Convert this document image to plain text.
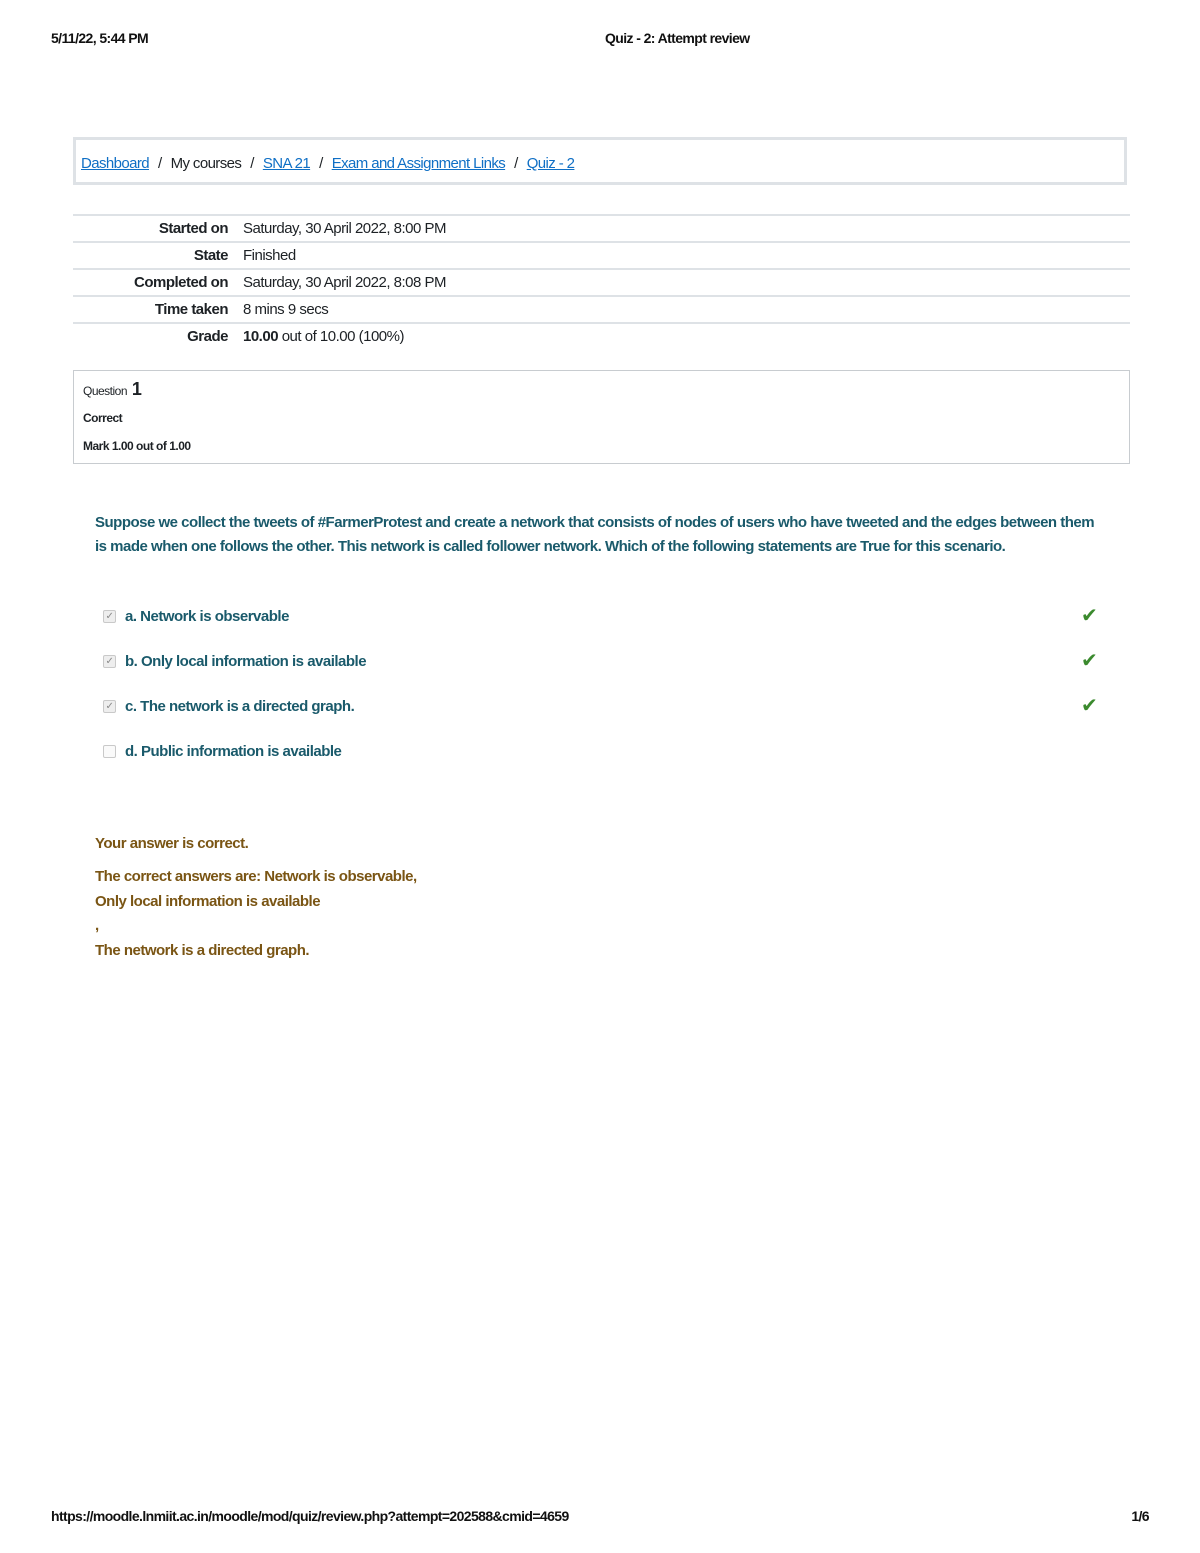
5/11/22, 5:44 PM	Quiz - 2: Attempt review
Dashboard / My courses / SNA 21 / Exam and Assignment Links / Quiz - 2
Started on	Saturday, 30 April 2022, 8:00 PM
State	Finished
Completed on	Saturday, 30 April 2022, 8:08 PM
Time taken	8 mins 9 secs
Grade	10.00 out of 10.00 (100%)
Question 1
Correct
Mark 1.00 out of 1.00
Suppose we collect the tweets of #FarmerProtest and create a network that consists of nodes of users who have tweeted and the edges between them is made when one follows the other. This network is called follower network. Which of the following statements are True for this scenario.
✓ a. Network is observable	✔
✓ b. Only local information is available	✔
✓ c. The network is a directed graph.	✔
d. Public information is available
Your answer is correct.
The correct answers are: Network is observable,
Only local information is available
,
The network is a directed graph.
https://moodle.lnmiit.ac.in/moodle/mod/quiz/review.php?attempt=202588&cmid=4659	1/6
